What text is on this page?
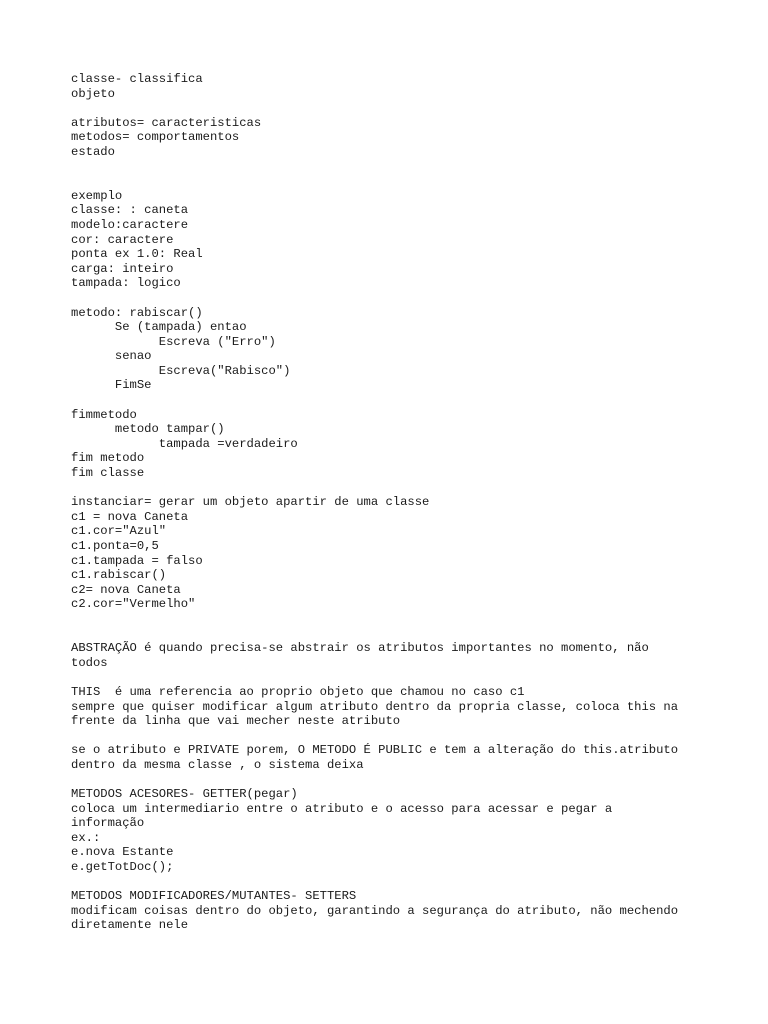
classe- classifica
objeto
atributos= caracteristicas
metodos= comportamentos
estado
exemplo
classe: : caneta
modelo:caractere
cor: caractere
ponta ex 1.0: Real
carga: inteiro
tampada: logico
metodo: rabiscar()
Se (tampada) entao
Escreva ("Erro")
senao
Escreva("Rabisco")
FimSe
fimmetodo
metodo tampar()
tampada =verdadeiro
fim metodo
fim classe
instanciar= gerar um objeto apartir de uma classe
c1 = nova Caneta
c1.cor="Azul"
c1.ponta=0,5
c1.tampada = falso
c1.rabiscar()
c2= nova Caneta
c2.cor="Vermelho"
ABSTRAÇÃO é quando precisa-se abstrair os atributos importantes no momento, não
todos
THIS  é uma referencia ao proprio objeto que chamou no caso c1
sempre que quiser modificar algum atributo dentro da propria classe, coloca this na
frente da linha que vai mecher neste atributo
se o atributo e PRIVATE porem, O METODO É PUBLIC e tem a alteração do this.atributo
dentro da mesma classe , o sistema deixa
METODOS ACESORES- GETTER(pegar)
coloca um intermediario entre o atributo e o acesso para acessar e pegar a
informação
ex.:
e.nova Estante
e.getTotDoc();
METODOS MODIFICADORES/MUTANTES- SETTERS
modificam coisas dentro do objeto, garantindo a segurança do atributo, não mechendo
diretamente nele
